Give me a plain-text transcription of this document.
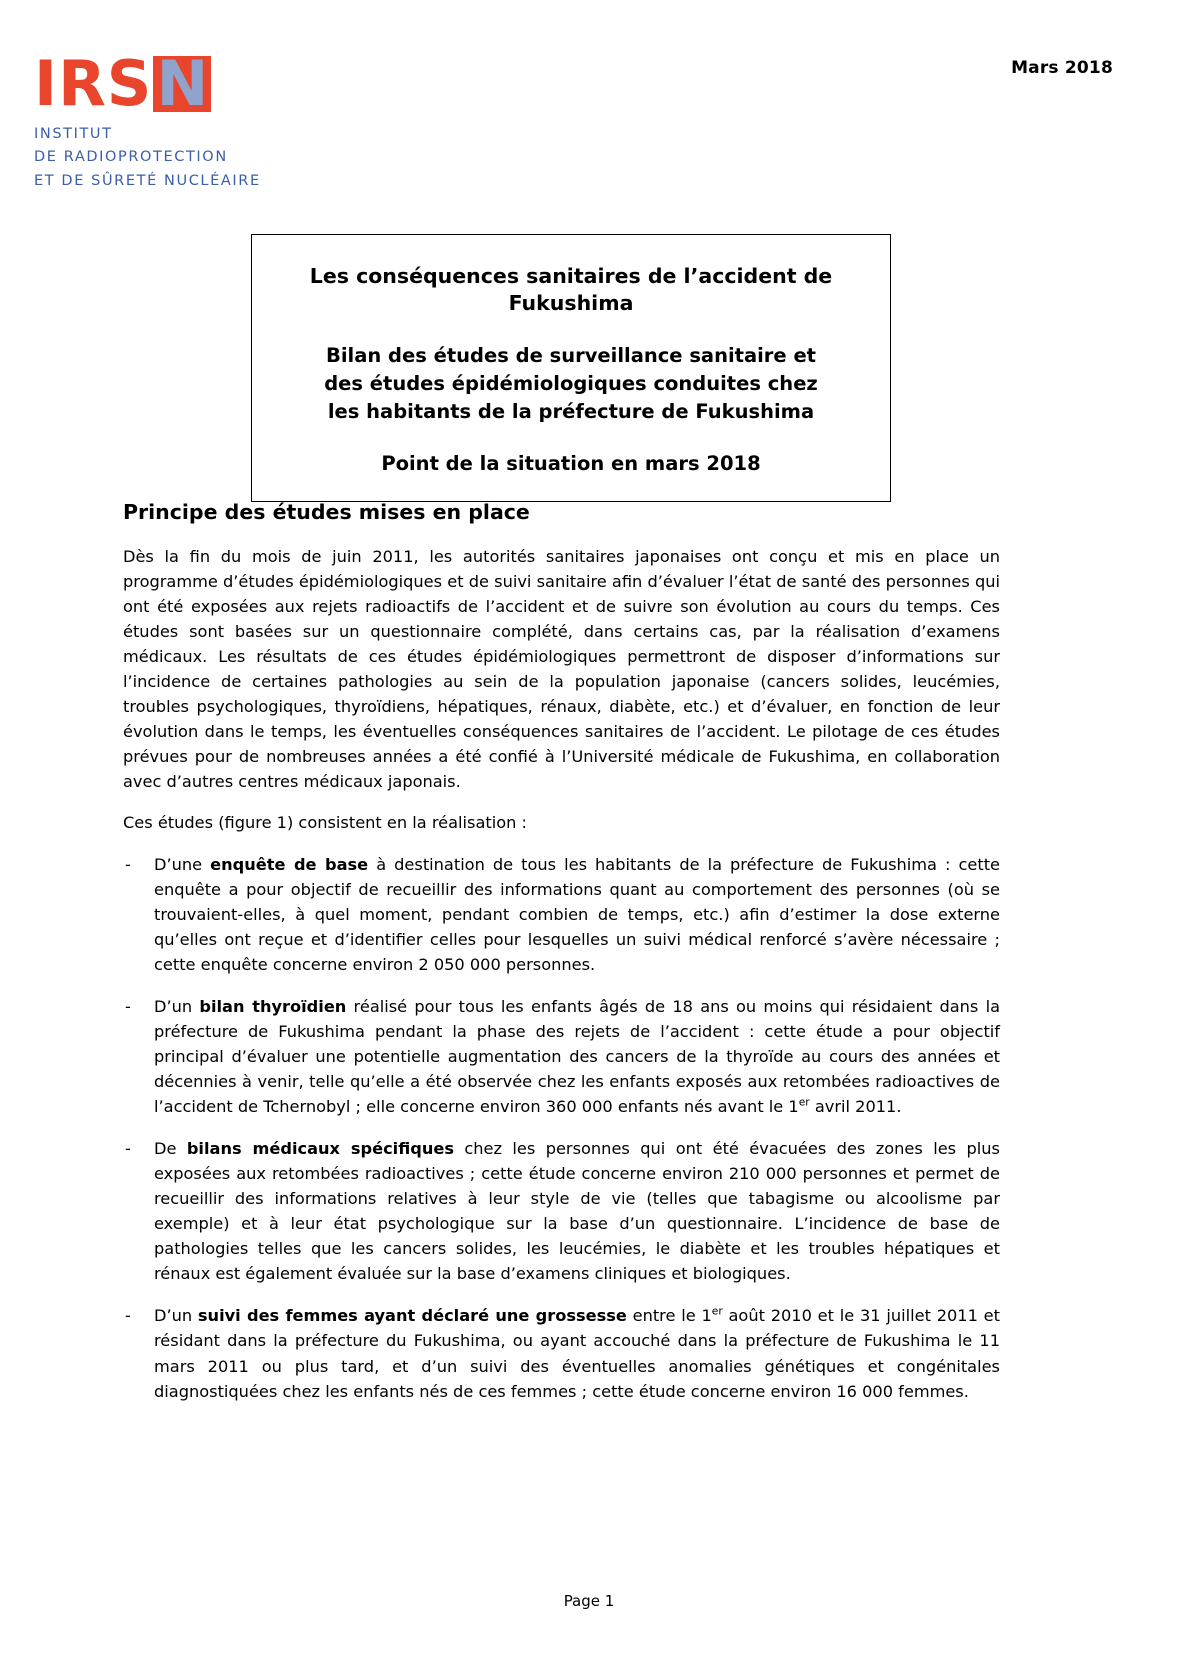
Mars 2018
IRS N
INSTITUT
DE RADIOPROTECTION
ET DE SÛRETÉ NUCLÉAIRE
Les conséquences sanitaires de l’accident de Fukushima
Bilan des études de surveillance sanitaire et
des études épidémiologiques conduites chez
les habitants de la préfecture de Fukushima
Point de la situation en mars 2018
Principe des études mises en place

Dès la fin du mois de juin 2011, les autorités sanitaires japonaises ont conçu et mis en place un programme d’études épidémiologiques et de suivi sanitaire afin d’évaluer l’état de santé des personnes qui ont été exposées aux rejets radioactifs de l’accident et de suivre son évolution au cours du temps. Ces études sont basées sur un questionnaire complété, dans certains cas, par la réalisation d’examens médicaux. Les résultats de ces études épidémiologiques permettront de disposer d’informations sur l’incidence de certaines pathologies au sein de la population japonaise (cancers solides, leucémies, troubles psychologiques, thyroïdiens, hépatiques, rénaux, diabète, etc.) et d’évaluer, en fonction de leur évolution dans le temps, les éventuelles conséquences sanitaires de l’accident. Le pilotage de ces études prévues pour de nombreuses années a été confié à l’Université médicale de Fukushima, en collaboration avec d’autres centres médicaux japonais.

Ces études (figure 1) consistent en la réalisation :

- D’une enquête de base à destination de tous les habitants de la préfecture de Fukushima : cette enquête a pour objectif de recueillir des informations quant au comportement des personnes (où se trouvaient-elles, à quel moment, pendant combien de temps, etc.) afin d’estimer la dose externe qu’elles ont reçue et d’identifier celles pour lesquelles un suivi médical renforcé s’avère nécessaire ; cette enquête concerne environ 2 050 000 personnes.
- D’un bilan thyroïdien réalisé pour tous les enfants âgés de 18 ans ou moins qui résidaient dans la préfecture de Fukushima pendant la phase des rejets de l’accident : cette étude a pour objectif principal d’évaluer une potentielle augmentation des cancers de la thyroïde au cours des années et décennies à venir, telle qu’elle a été observée chez les enfants exposés aux retombées radioactives de l’accident de Tchernobyl ; elle concerne environ 360 000 enfants nés avant le 1er avril 2011.
- De bilans médicaux spécifiques chez les personnes qui ont été évacuées des zones les plus exposées aux retombées radioactives ; cette étude concerne environ 210 000 personnes et permet de recueillir des informations relatives à leur style de vie (telles que tabagisme ou alcoolisme par exemple) et à leur état psychologique sur la base d’un questionnaire. L’incidence de base de pathologies telles que les cancers solides, les leucémies, le diabète et les troubles hépatiques et rénaux est également évaluée sur la base d’examens cliniques et biologiques.
- D’un suivi des femmes ayant déclaré une grossesse entre le 1er août 2010 et le 31 juillet 2011 et résidant dans la préfecture du Fukushima, ou ayant accouché dans la préfecture de Fukushima le 11 mars 2011 ou plus tard, et d’un suivi des éventuelles anomalies génétiques et congénitales diagnostiquées chez les enfants nés de ces femmes ; cette étude concerne environ 16 000 femmes.
Page 1
